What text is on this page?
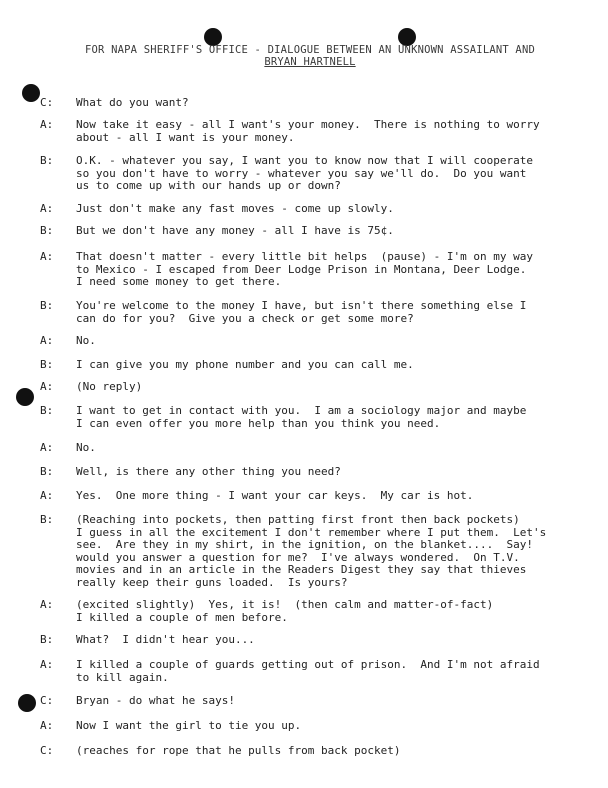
FOR NAPA SHERIFF'S OFFICE - DIALOGUE BETWEEN AN UNKNOWN ASSAILANT AND
BRYAN HARTNELL
C: What do you want?
A: Now take it easy - all I want's your money.  There is nothing to worry
about - all I want is your money.
B: O.K. - whatever you say, I want you to know now that I will cooperate
so you don't have to worry - whatever you say we'll do.  Do you want
us to come up with our hands up or down?
A: Just don't make any fast moves - come up slowly.
B: But we don't have any money - all I have is 75¢.
A: That doesn't matter - every little bit helps  (pause) - I'm on my way
to Mexico - I escaped from Deer Lodge Prison in Montana, Deer Lodge.
I need some money to get there.
B: You're welcome to the money I have, but isn't there something else I
can do for you?  Give you a check or get some more?
A: No.
B: I can give you my phone number and you can call me.
A: (No reply)
B: I want to get in contact with you.  I am a sociology major and maybe
I can even offer you more help than you think you need.
A: No.
B: Well, is there any other thing you need?
A: Yes.  One more thing - I want your car keys.  My car is hot.
B: (Reaching into pockets, then patting first front then back pockets)
I guess in all the excitement I don't remember where I put them.  Let's
see.  Are they in my shirt, in the ignition, on the blanket....  Say!
would you answer a question for me?  I've always wondered.  On T.V.
movies and in an article in the Readers Digest they say that thieves
really keep their guns loaded.  Is yours?
A: (excited slightly)  Yes, it is!  (then calm and matter-of-fact)
I killed a couple of men before.
B: What?  I didn't hear you...
A: I killed a couple of guards getting out of prison.  And I'm not afraid
to kill again.
C: Bryan - do what he says!
A: Now I want the girl to tie you up.
C: (reaches for rope that he pulls from back pocket)
